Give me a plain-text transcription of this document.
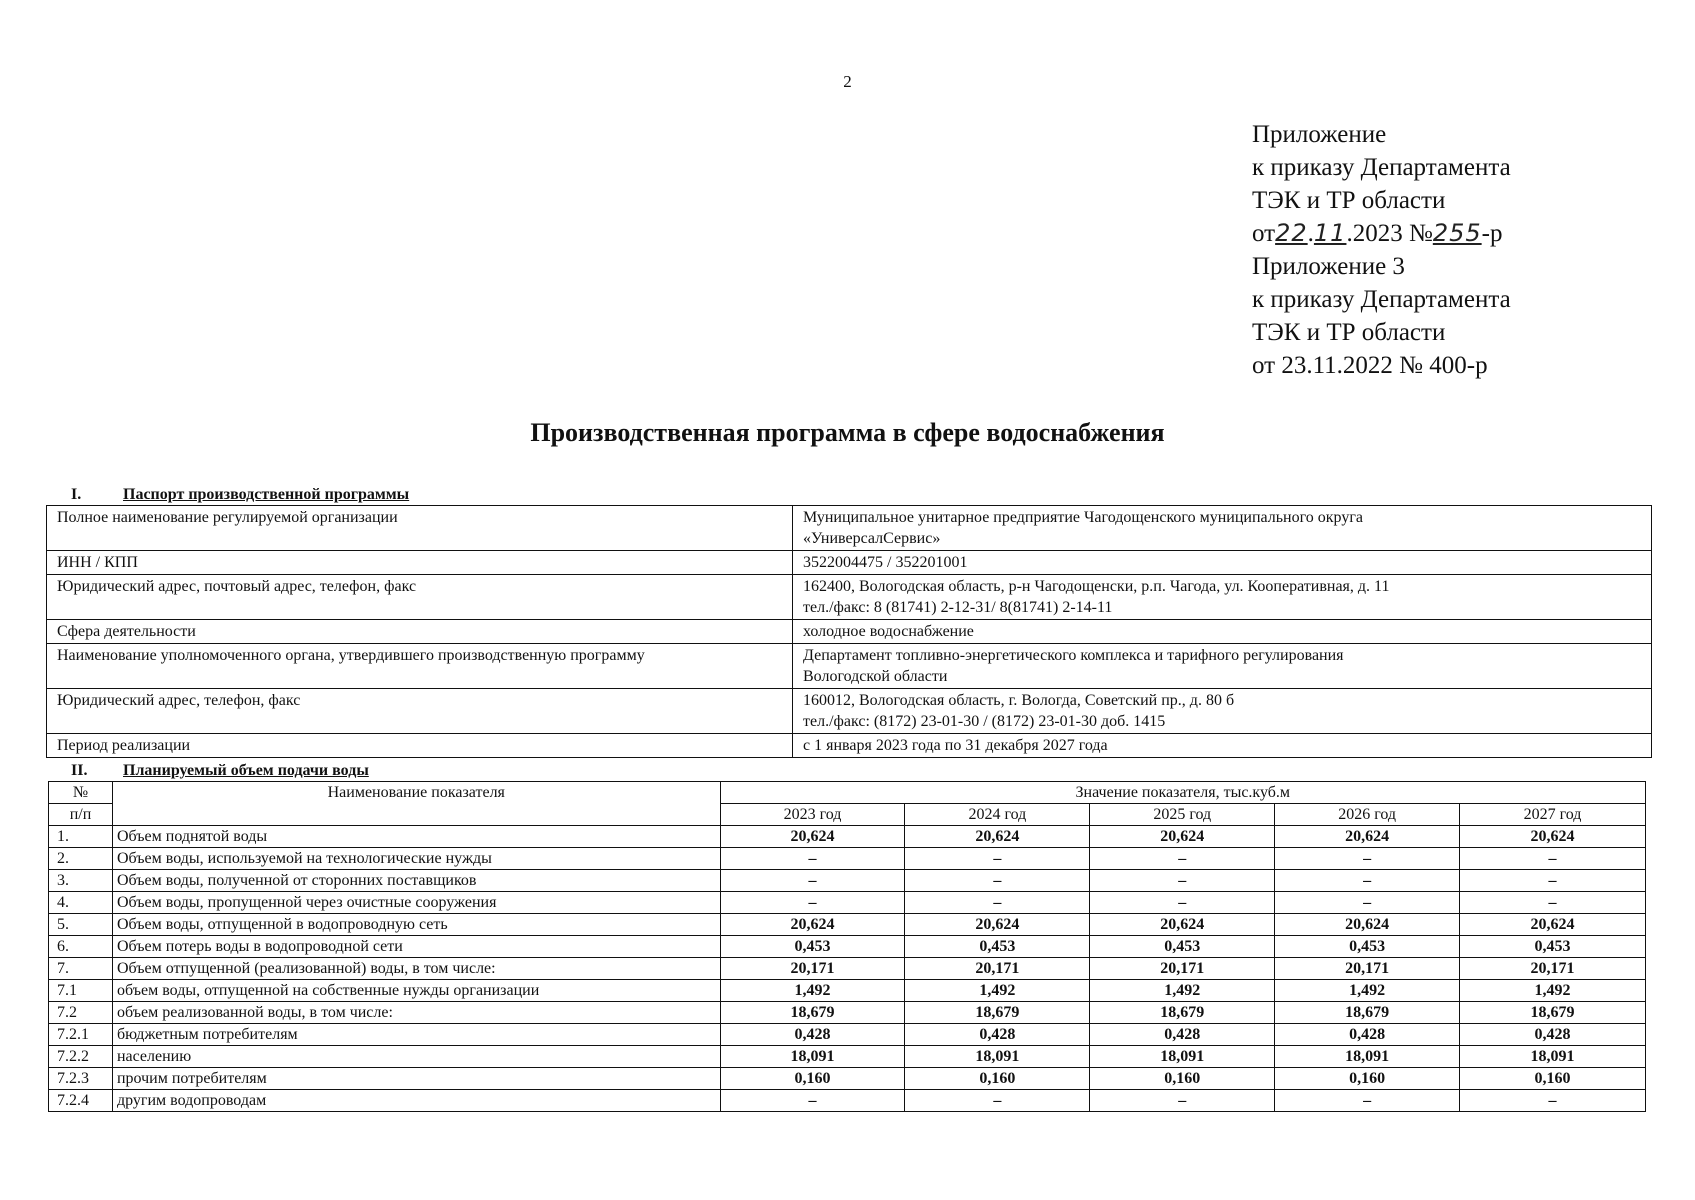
2
Приложение
к приказу Департамента
ТЭК и ТР области
от22.11.2023 №255-р
Приложение 3
к приказу Департамента
ТЭК и ТР области
от 23.11.2022 № 400-р
Производственная программа в сфере водоснабжения
I.	Паспорт производственной программы
Полное наименование регулируемой организации	Муниципальное унитарное предприятие Чагодощенского муниципального округа
«УниверсалСервис»

ИНН / КПП	3522004475 / 352201001

Юридический адрес, почтовый адрес, телефон, факс	162400, Вологодская область, р-н Чагодощенски, р.п. Чагода, ул. Кооперативная, д. 11
тел./факс: 8 (81741) 2-12-31/ 8(81741) 2-14-11

Сфера деятельности	холодное водоснабжение

Наименование уполномоченного органа, утвердившего производственную программу	Департамент топливно-энергетического комплекса и тарифного регулирования
Вологодской области

Юридический адрес, телефон, факс	160012, Вологодская область, г. Вологда, Советский пр., д. 80 б
тел./факс: (8172) 23-01-30 / (8172) 23-01-30 доб. 1415

Период реализации	с 1 января 2023 года по 31 декабря 2027 года
II. Планируемый объем подачи воды
№	Наименование показателя	Значение показателя, тыс.куб.м				
п/п		2023 год	2024 год	2025 год	2026 год	2027 год
1.	Объем поднятой воды	20,624	20,624	20,624	20,624	20,624
2.	Объем воды, используемой на технологические нужды	–	–	–	–	–
3.	Объем воды, полученной от сторонних поставщиков	–	–	–	–	–
4.	Объем воды, пропущенной через очистные сооружения	–	–	–	–	–
5.	Объем воды, отпущенной в водопроводную сеть	20,624	20,624	20,624	20,624	20,624
6.	Объем потерь воды в водопроводной сети	0,453	0,453	0,453	0,453	0,453
7.	Объем отпущенной (реализованной) воды, в том числе:	20,171	20,171	20,171	20,171	20,171
7.1	объем воды, отпущенной на собственные нужды организации	1,492	1,492	1,492	1,492	1,492
7.2	объем реализованной воды, в том числе:	18,679	18,679	18,679	18,679	18,679
7.2.1	бюджетным потребителям	0,428	0,428	0,428	0,428	0,428
7.2.2	населению	18,091	18,091	18,091	18,091	18,091
7.2.3	прочим потребителям	0,160	0,160	0,160	0,160	0,160
7.2.4	другим водопроводам	–	–	–	–	–
